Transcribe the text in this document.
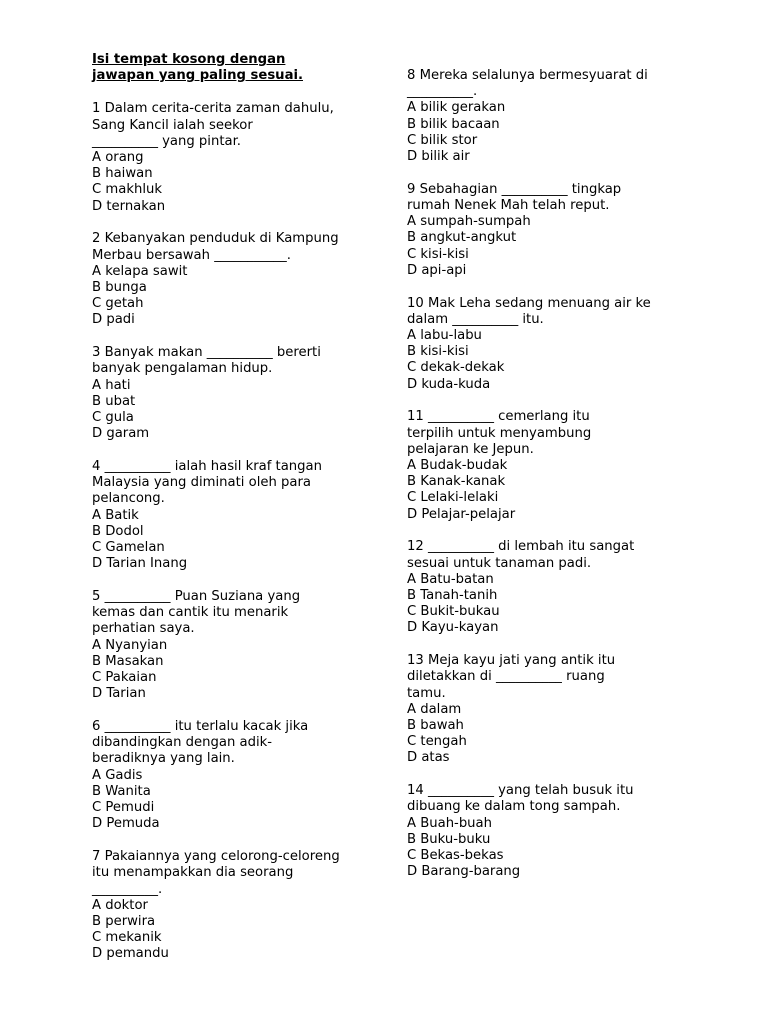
Isi tempat kosong dengan
jawapan yang paling sesuai.
1 Dalam cerita-cerita zaman dahulu,
Sang Kancil ialah seekor
__________ yang pintar.
A orang
B haiwan
C makhluk
D ternakan
2 Kebanyakan penduduk di Kampung
Merbau bersawah ___________.
A kelapa sawit
B bunga
C getah
D padi
3 Banyak makan __________ bererti
banyak pengalaman hidup.
A hati
B ubat
C gula
D garam
4 __________ ialah hasil kraf tangan
Malaysia yang diminati oleh para
pelancong.
A Batik
B Dodol
C Gamelan
D Tarian Inang
5 __________ Puan Suziana yang
kemas dan cantik itu menarik
perhatian saya.
A Nyanyian
B Masakan
C Pakaian
D Tarian
6 __________ itu terlalu kacak jika
dibandingkan dengan adik-
beradiknya yang lain.
A Gadis
B Wanita
C Pemudi
D Pemuda
7 Pakaiannya yang celorong-celoreng
itu menampakkan dia seorang
__________.
A doktor
B perwira
C mekanik
D pemandu
8 Mereka selalunya bermesyuarat di
__________.
A bilik gerakan
B bilik bacaan
C bilik stor
D bilik air
9 Sebahagian __________ tingkap
rumah Nenek Mah telah reput.
A sumpah-sumpah
B angkut-angkut
C kisi-kisi
D api-api
10 Mak Leha sedang menuang air ke
dalam __________ itu.
A labu-labu
B kisi-kisi
C dekak-dekak
D kuda-kuda
11 __________ cemerlang itu
terpilih untuk menyambung
pelajaran ke Jepun.
A Budak-budak
B Kanak-kanak
C Lelaki-lelaki
D Pelajar-pelajar
12 __________ di lembah itu sangat
sesuai untuk tanaman padi.
A Batu-batan
B Tanah-tanih
C Bukit-bukau
D Kayu-kayan
13 Meja kayu jati yang antik itu
diletakkan di __________ ruang
tamu.
A dalam
B bawah
C tengah
D atas
14 __________ yang telah busuk itu
dibuang ke dalam tong sampah.
A Buah-buah
B Buku-buku
C Bekas-bekas
D Barang-barang
